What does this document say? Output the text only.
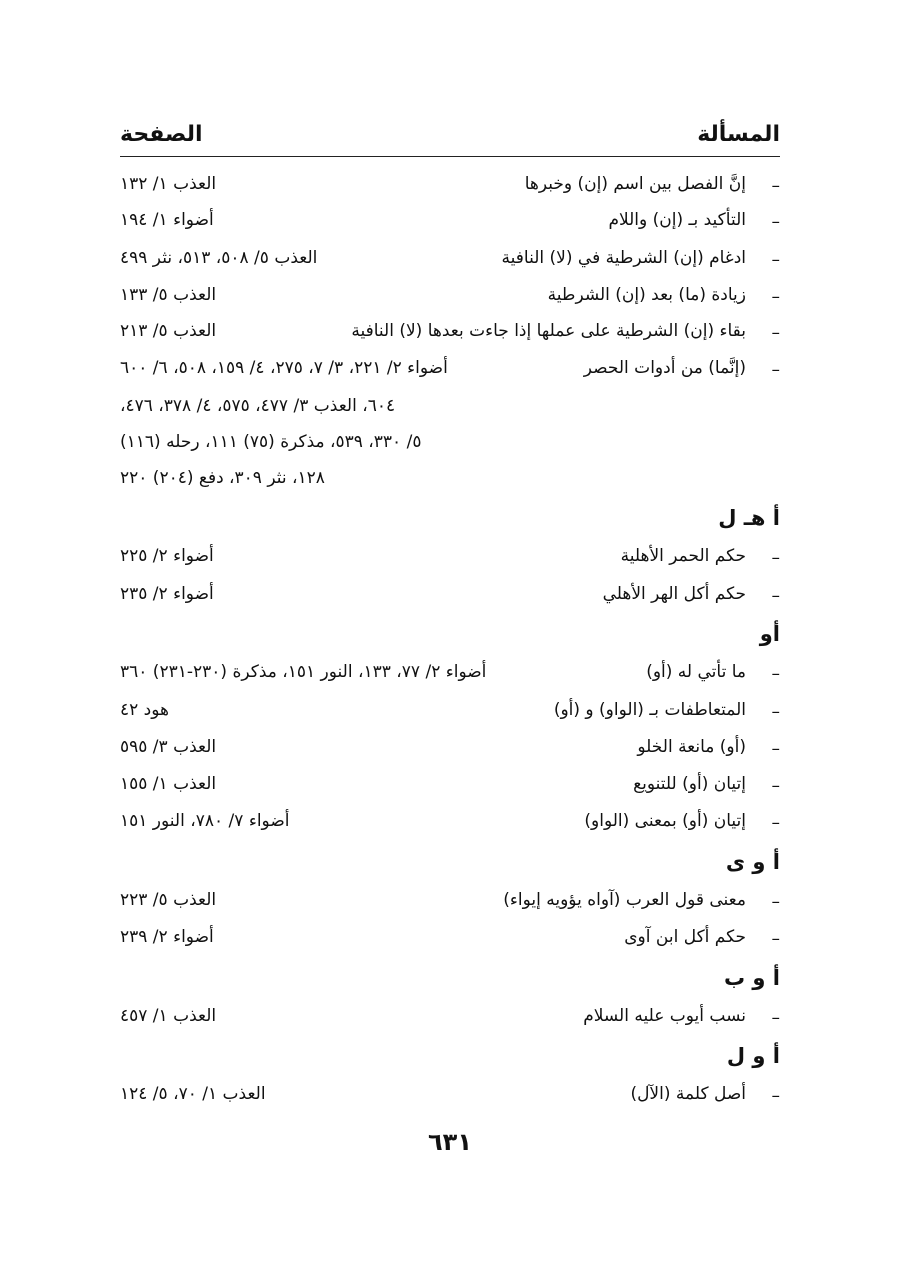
المسألة
الصفحة
–
إنَّ الفصل بين اسم (إن) وخبرها
العذب ١/ ١٣٢
–
التأكيد بـ (إن) واللام
أضواء ١/ ١٩٤
–
ادغام (إن) الشرطية في (لا) النافية
العذب ٥/ ٥٠٨، ٥١٣، نثر ٤٩٩
–
زيادة (ما) بعد (إن) الشرطية
العذب ٥/ ١٣٣
–
بقاء (إن) الشرطية على عملها إذا جاءت بعدها (لا) النافية
العذب ٥/ ٢١٣
–
(إنَّما) من أدوات الحصر
أضواء ٢/ ٢٢١، ٣/ ٧، ٢٧٥، ٤/ ١٥٩، ٥٠٨، ٦/ ٦٠٠
٦٠٤، العذب ٣/ ٤٧٧، ٥٧٥، ٤/ ٣٧٨، ٤٧٦،
٥/ ٣٣٠، ٥٣٩، مذكرة (٧٥) ١١١، رحله (١١٦)
١٢٨، نثر ٣٠٩، دفع (٢٠٤) ٢٢٠
أ هـ ل
–
حكم الحمر الأهلية
أضواء ٢/ ٢٢٥
–
حكم أكل الهر الأهلي
أضواء ٢/ ٢٣٥
أو
–
ما تأتي له (أو)
أضواء ٢/ ٧٧، ١٣٣، النور ١٥١، مذكرة (٢٣٠-٢٣١) ٣٦٠
–
المتعاطفات بـ (الواو) و (أو)
هود ٤٢
–
(أو) مانعة الخلو
العذب ٣/ ٥٩٥
–
إتيان (أو) للتنويع
العذب ١/ ١٥٥
–
إتيان (أو) بمعنى (الواو)
أضواء ٧/ ٧٨٠، النور ١٥١
أ و ى
–
معنى قول العرب (آواه يؤويه إيواء)
العذب ٥/ ٢٢٣
–
حكم أكل ابن آوى
أضواء ٢/ ٢٣٩
أ و ب
–
نسب أيوب عليه السلام
العذب ١/ ٤٥٧
أ و ل
–
أصل كلمة (الآل)
العذب ١/ ٧٠، ٥/ ١٢٤
٦٣١
